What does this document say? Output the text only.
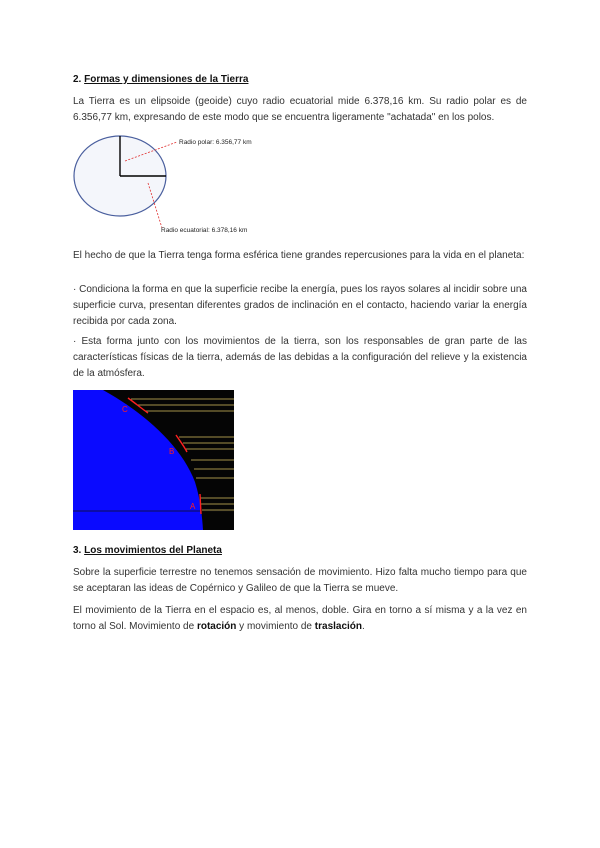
2. Formas y dimensiones de la Tierra

La Tierra es un elipsoide (geoide) cuyo radio ecuatorial mide 6.378,16 km. Su radio polar es de 6.356,77 km, expresando de este modo que se encuentra ligeramente "achatada" en los polos.

Radio polar: 6.356,77 km
Radio ecuatorial: 6.378,16 km

El hecho de que la Tierra tenga forma esférica tiene grandes repercusiones para la vida en el planeta:

· Condiciona la forma en que la superficie recibe la energía, pues los rayos solares al incidir sobre una superficie curva, presentan diferentes grados de inclinación en el contacto, haciendo variar la energía recibida por cada zona.

· Esta forma junto con los movimientos de la tierra, son los responsables de gran parte de las características físicas de la tierra, además de las debidas a la configuración del relieve y la existencia de la atmósfera.

C
B
A
3. Los movimientos del Planeta

Sobre la superficie terrestre no tenemos sensación de movimiento. Hizo falta mucho tiempo para que se aceptaran las ideas de Copérnico y Galileo de que la Tierra se mueve.

El movimiento de la Tierra en el espacio es, al menos, doble. Gira en torno a sí misma y a la vez en torno al Sol. Movimiento de rotación y movimiento de traslación.
